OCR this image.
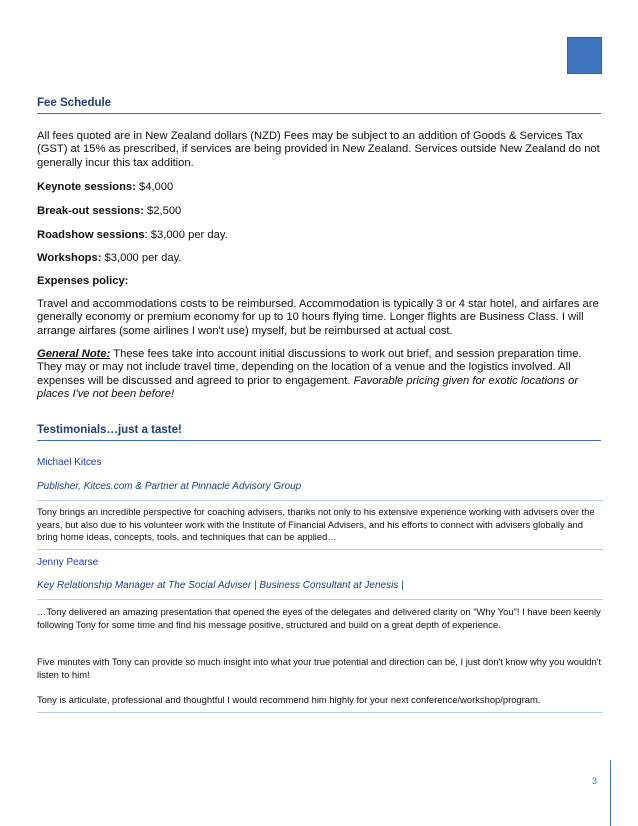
Fee Schedule

All fees quoted are in New Zealand dollars (NZD) Fees may be subject to an addition of Goods & Services Tax (GST) at 15% as prescribed, if services are being provided in New Zealand. Services outside New Zealand do not generally incur this tax addition.

Keynote sessions: $4,000

Break-out sessions: $2,500

Roadshow sessions: $3,000 per day.

Workshops: $3,000 per day.

Expenses policy:

Travel and accommodations costs to be reimbursed. Accommodation is typically 3 or 4 star hotel, and airfares are generally economy or premium economy for up to 10 hours flying time. Longer flights are Business Class. I will arrange airfares (some airlines I won't use) myself, but be reimbursed at actual cost.

General Note: These fees take into account initial discussions to work out brief, and session preparation time. They may or may not include travel time, depending on the location of a venue and the logistics involved. All expenses will be discussed and agreed to prior to engagement. Favorable pricing given for exotic locations or places I've not been before!

Testimonials…just a taste!

Michael Kitces

Publisher, Kitces.com & Partner at Pinnacle Advisory Group

Tony brings an incredible perspective for coaching advisers, thanks not only to his extensive experience working with advisers over the years, but also due to his volunteer work with the Institute of Financial Advisers, and his efforts to connect with advisers globally and bring home ideas, concepts, tools, and techniques that can be applied…

Jenny Pearse

Key Relationship Manager at The Social Adviser | Business Consultant at Jenesis |

…Tony delivered an amazing presentation that opened the eyes of the delegates and delivered clarity on "Why You"! I have been keenly following Tony for some time and find his message positive, structured and build on a great depth of experience.

Five minutes with Tony can provide so much insight into what your true potential and direction can be, I just don't know why you wouldn't listen to him!

Tony is articulate, professional and thoughtful I would recommend him highly for your next conference/workshop/program.

3
